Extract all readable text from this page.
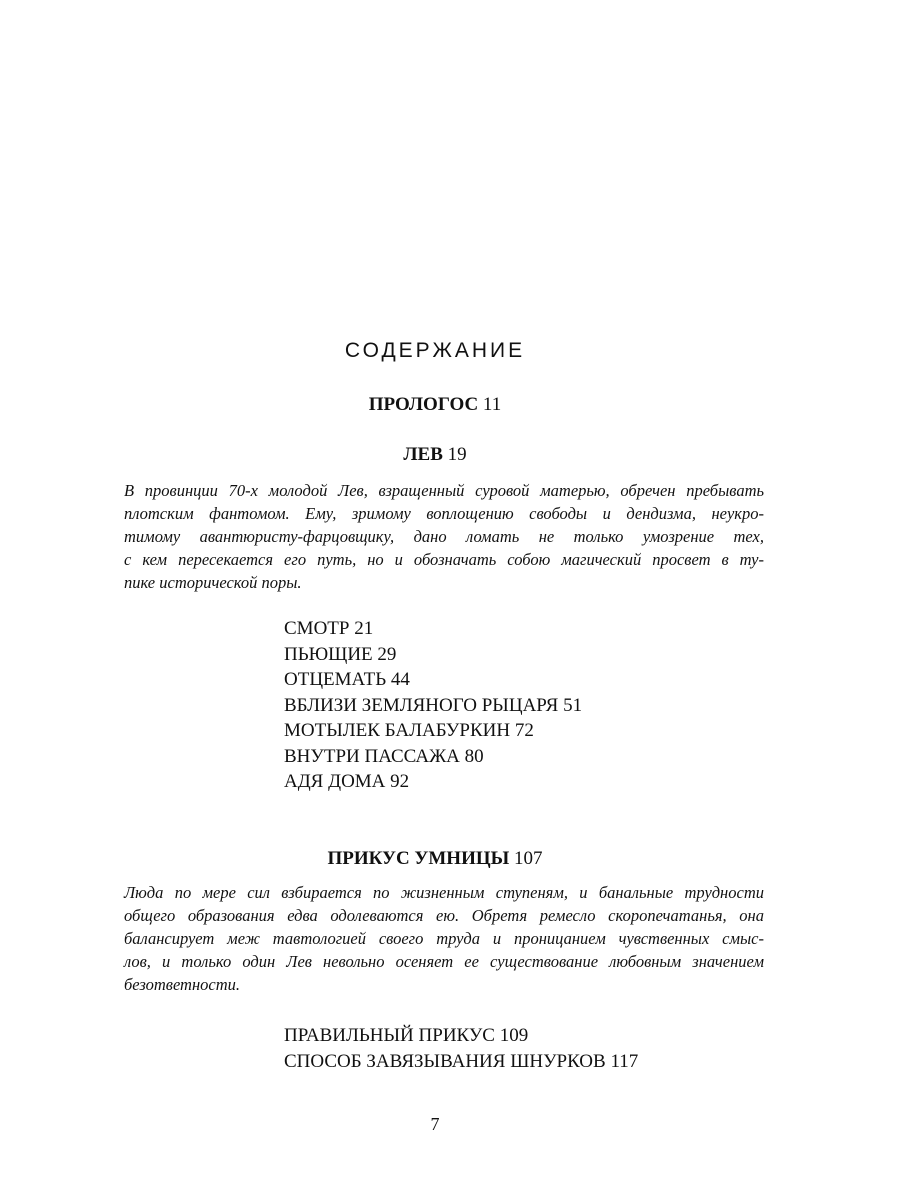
СОДЕРЖАНИЕ
ПРОЛОГОС 11
ЛЕВ 19
В провинции 70-х молодой Лев, взращенный суровой матерью, обречен пребывать
плотским фантомом. Ему, зримому воплощению свободы и дендизма, неукро-
тимому авантюристу-фарцовщику, дано ломать не только умозрение тех,
с кем пересекается его путь, но и обозначать собою магический просвет в ту-
пике исторической поры.
СМОТР 21
ПЬЮЩИЕ 29
ОТЦЕМАТЬ 44
ВБЛИЗИ ЗЕМЛЯНОГО РЫЦАРЯ 51
МОТЫЛЕК БАЛАБУРКИН 72
ВНУТРИ ПАССАЖА 80
АДЯ ДОМА 92
ПРИКУС УМНИЦЫ 107
Люда по мере сил взбирается по жизненным ступеням, и банальные трудности
общего образования едва одолеваются ею. Обретя ремесло скоропечатанья, она
балансирует меж тавтологией своего труда и проницанием чувственных смыс-
лов, и только один Лев невольно осеняет ее существование любовным значением
безответности.
ПРАВИЛЬНЫЙ ПРИКУС 109
СПОСОБ ЗАВЯЗЫВАНИЯ ШНУРКОВ 117
7
